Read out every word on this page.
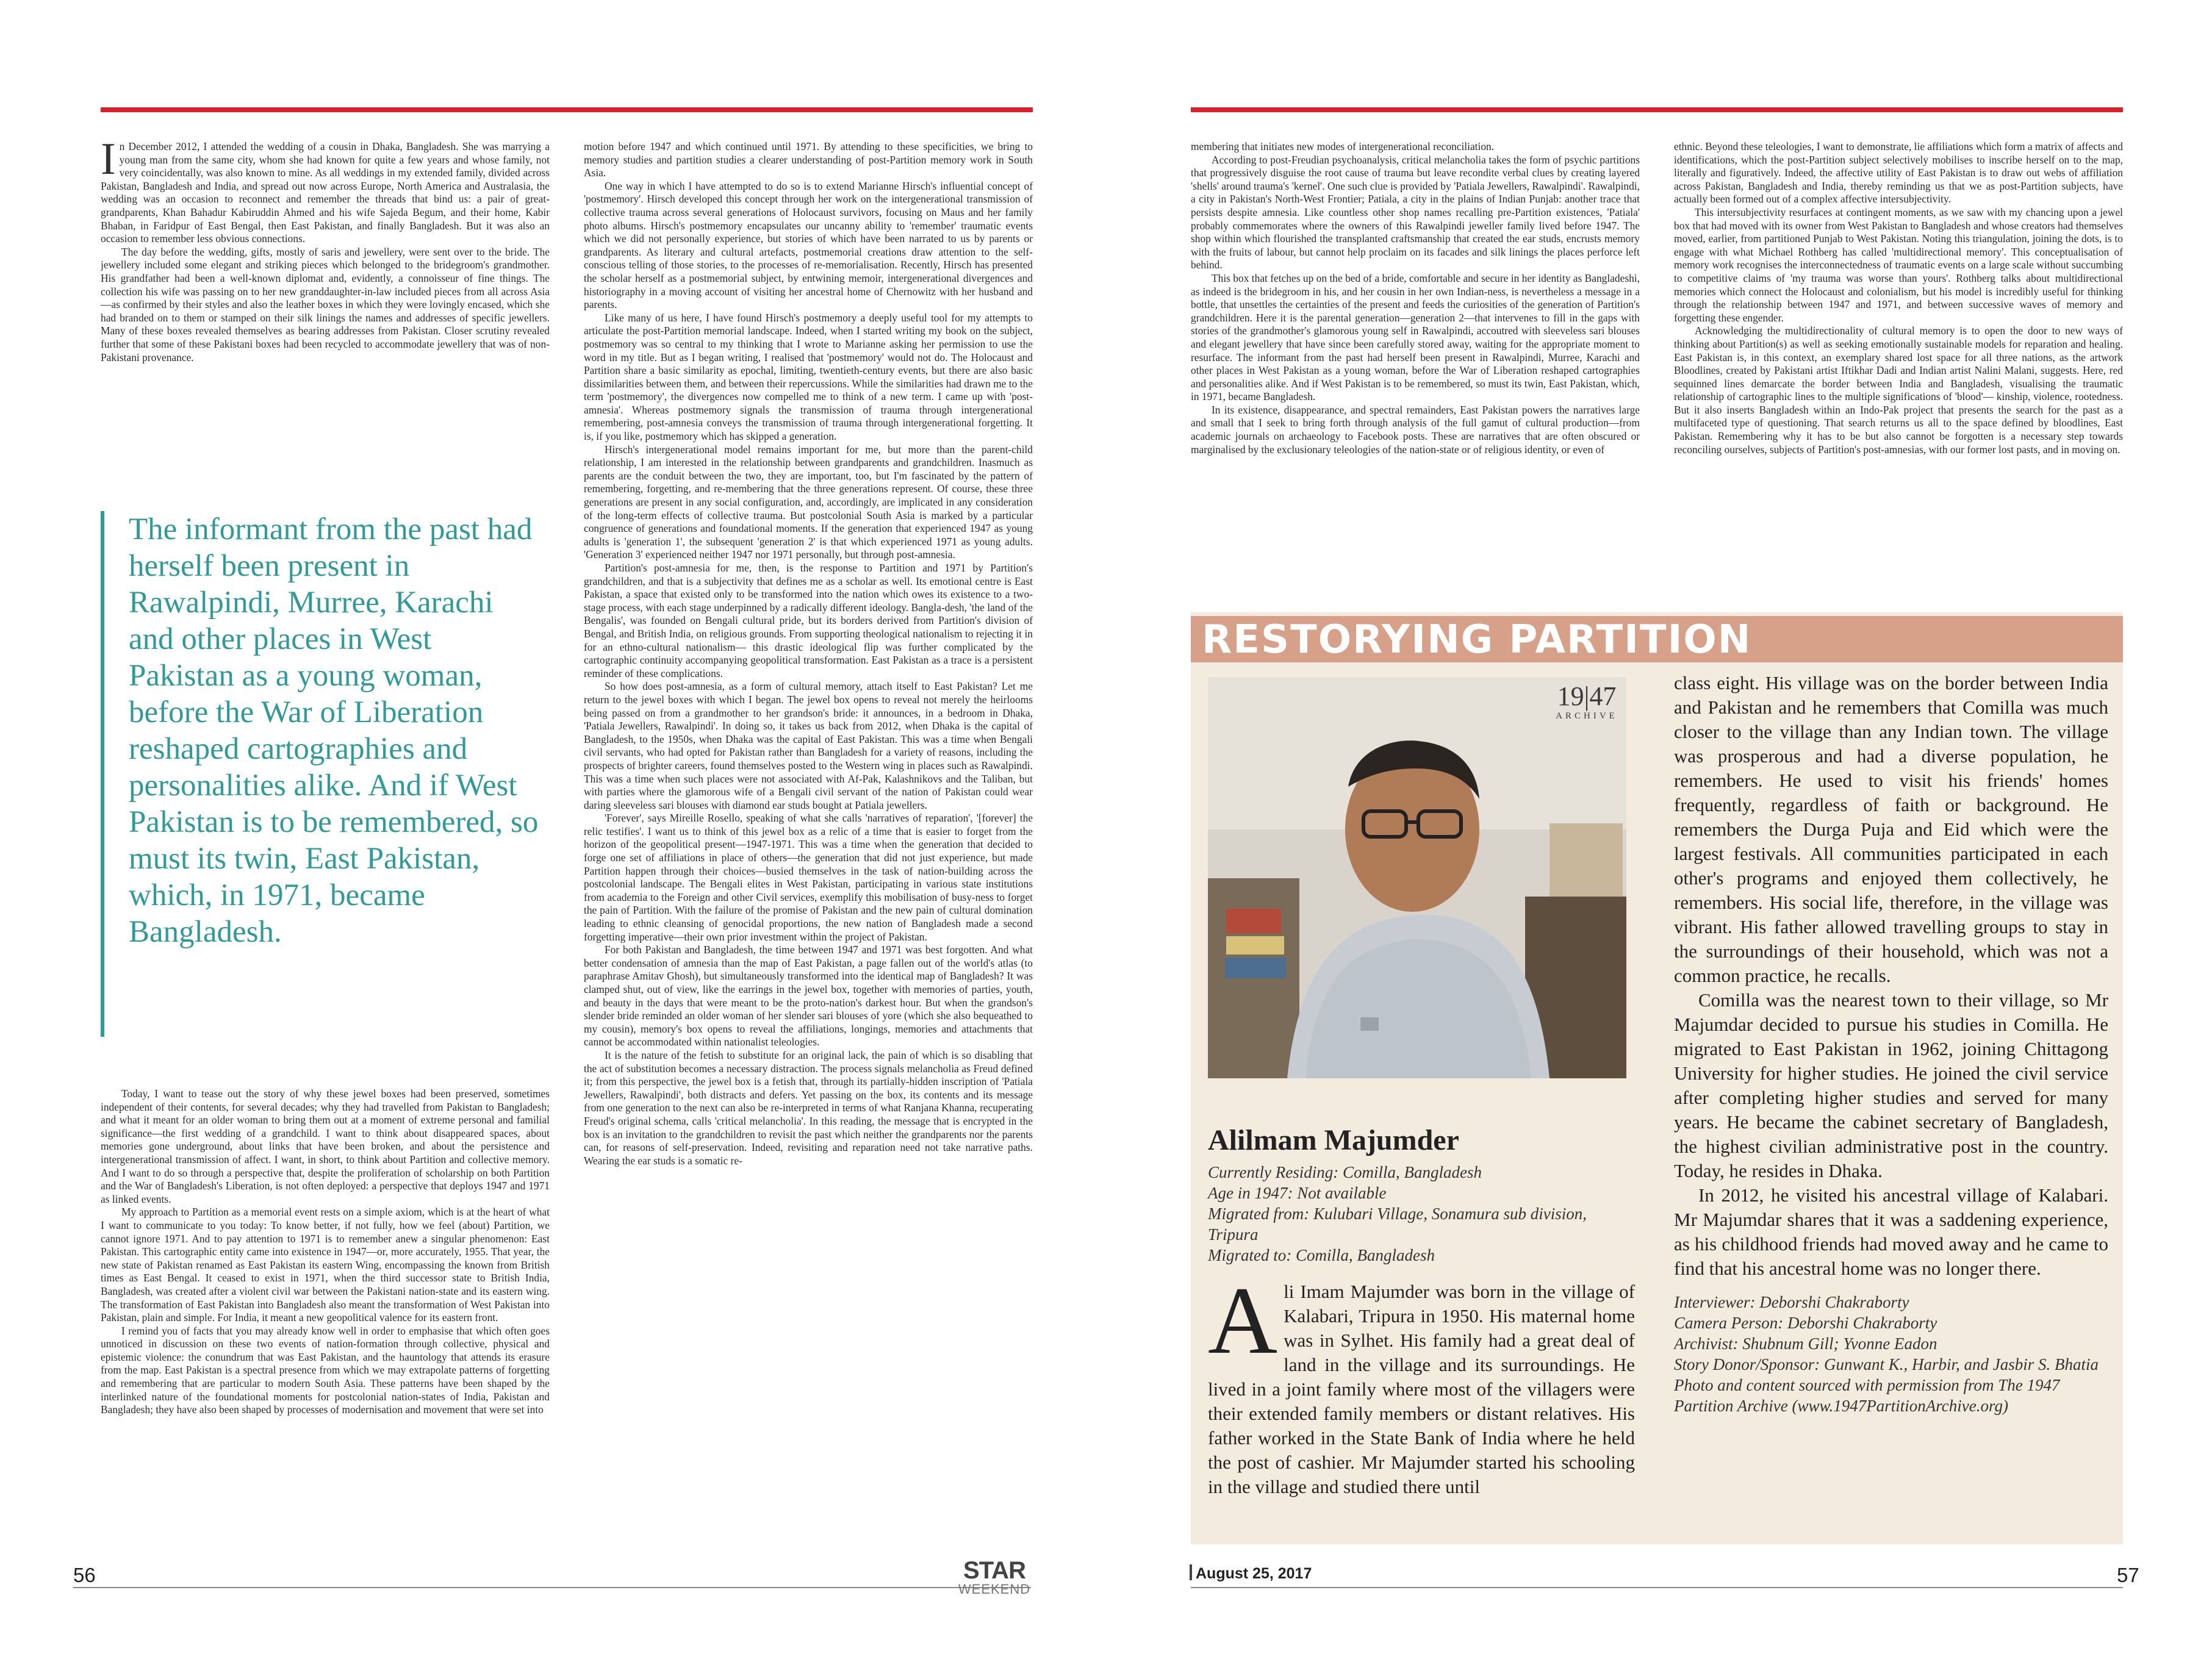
I n December 2012, I attended the wedding of a cousin in Dhaka, Bangladesh. She was marrying a young man from the same city, whom she had known for quite a few years and whose family, not very coincidentally, was also known to mine. As all weddings in my extended family, divided across Pakistan, Bangladesh and India, and spread out now across Europe, North America and Australasia, the wedding was an occasion to reconnect and remember the threads that bind us: a pair of great-grandparents, Khan Bahadur Kabiruddin Ahmed and his wife Sajeda Begum, and their home, Kabir Bhaban, in Faridpur of East Bengal, then East Pakistan, and finally Bangladesh. But it was also an occasion to remember less obvious connections.

The day before the wedding, gifts, mostly of saris and jewellery, were sent over to the bride. The jewellery included some elegant and striking pieces which belonged to the bridegroom's grandmother. His grandfather had been a well-known diplomat and, evidently, a connoisseur of fine things. The collection his wife was passing on to her new granddaughter-in-law included pieces from all across Asia—as confirmed by their styles and also the leather boxes in which they were lovingly encased, which she had branded on to them or stamped on their silk linings the names and addresses of specific jewellers. Many of these boxes revealed themselves as bearing addresses from Pakistan. Closer scrutiny revealed further that some of these Pakistani boxes had been recycled to accommodate jewellery that was of non-Pakistani provenance.

The informant from the past had herself been present in Rawalpindi, Murree, Karachi and other places in West Pakistan as a young woman, before the War of Liberation reshaped cartographies and personalities alike. And if West Pakistan is to be remembered, so must its twin, East Pakistan, which, in 1971, became Bangladesh.

Today, I want to tease out the story of why these jewel boxes had been preserved, sometimes independent of their contents, for several decades; why they had travelled from Pakistan to Bangladesh; and what it meant for an older woman to bring them out at a moment of extreme personal and familial significance—the first wedding of a grandchild. I want to think about disappeared spaces, about memories gone underground, about links that have been broken, and about the persistence and intergenerational transmission of affect. I want, in short, to think about Partition and collective memory. And I want to do so through a perspective that, despite the proliferation of scholarship on both Partition and the War of Bangladesh's Liberation, is not often deployed: a perspective that deploys 1947 and 1971 as linked events.

My approach to Partition as a memorial event rests on a simple axiom, which is at the heart of what I want to communicate to you today: To know better, if not fully, how we feel (about) Partition, we cannot ignore 1971. And to pay attention to 1971 is to remember anew a singular phenomenon: East Pakistan. This cartographic entity came into existence in 1947—or, more accurately, 1955. That year, the new state of Pakistan renamed as East Pakistan its eastern Wing, encompassing the known from British times as East Bengal. It ceased to exist in 1971, when the third successor state to British India, Bangladesh, was created after a violent civil war between the Pakistani nation-state and its eastern wing. The transformation of East Pakistan into Bangladesh also meant the transformation of West Pakistan into Pakistan, plain and simple. For India, it meant a new geopolitical valence for its eastern front.

I remind you of facts that you may already know well in order to emphasise that which often goes unnoticed in discussion on these two events of nation-formation through collective, physical and epistemic violence: the conundrum that was East Pakistan, and the hauntology that attends its erasure from the map. East Pakistan is a spectral presence from which we may extrapolate patterns of forgetting and remembering that are particular to modern South Asia. These patterns have been shaped by the interlinked nature of the foundational moments for postcolonial nation-states of India, Pakistan and Bangladesh; they have also been shaped by processes of modernisation and movement that were set into

motion before 1947 and which continued until 1971. By attending to these specificities, we bring to memory studies and partition studies a clearer understanding of post-Partition memory work in South Asia.

One way in which I have attempted to do so is to extend Marianne Hirsch's influential concept of 'postmemory'. Hirsch developed this concept through her work on the intergenerational transmission of collective trauma across several generations of Holocaust survivors, focusing on Maus and her family photo albums. Hirsch's postmemory encapsulates our uncanny ability to 'remember' traumatic events which we did not personally experience, but stories of which have been narrated to us by parents or grandparents. As literary and cultural artefacts, postmemorial creations draw attention to the self-conscious telling of those stories, to the processes of re-memorialisation. Recently, Hirsch has presented the scholar herself as a postmemorial subject, by entwining memoir, intergenerational divergences and historiography in a moving account of visiting her ancestral home of Chernowitz with her husband and parents.

Like many of us here, I have found Hirsch's postmemory a deeply useful tool for my attempts to articulate the post-Partition memorial landscape. Indeed, when I started writing my book on the subject, postmemory was so central to my thinking that I wrote to Marianne asking her permission to use the word in my title. But as I began writing, I realised that 'postmemory' would not do. The Holocaust and Partition share a basic similarity as epochal, limiting, twentieth-century events, but there are also basic dissimilarities between them, and between their repercussions. While the similarities had drawn me to the term 'postmemory', the divergences now compelled me to think of a new term. I came up with 'post-amnesia'. Whereas postmemory signals the transmission of trauma through intergenerational remembering, post-amnesia conveys the transmission of trauma through intergenerational forgetting. It is, if you like, postmemory which has skipped a generation.

Hirsch's intergenerational model remains important for me, but more than the parent-child relationship, I am interested in the relationship between grandparents and grandchildren. Inasmuch as parents are the conduit between the two, they are important, too, but I'm fascinated by the pattern of remembering, forgetting, and re-membering that the three generations represent. Of course, these three generations are present in any social configuration, and, accordingly, are implicated in any consideration of the long-term effects of collective trauma. But postcolonial South Asia is marked by a particular congruence of generations and foundational moments. If the generation that experienced 1947 as young adults is 'generation 1', the subsequent 'generation 2' is that which experienced 1971 as young adults. 'Generation 3' experienced neither 1947 nor 1971 personally, but through post-amnesia.

Partition's post-amnesia for me, then, is the response to Partition and 1971 by Partition's grandchildren, and that is a subjectivity that defines me as a scholar as well. Its emotional centre is East Pakistan, a space that existed only to be transformed into the nation which owes its existence to a two-stage process, with each stage underpinned by a radically different ideology. Bangla-desh, 'the land of the Bengalis', was founded on Bengali cultural pride, but its borders derived from Partition's division of Bengal, and British India, on religious grounds. From supporting theological nationalism to rejecting it in for an ethno-cultural nationalism— this drastic ideological flip was further complicated by the cartographic continuity accompanying geopolitical transformation. East Pakistan as a trace is a persistent reminder of these complications.

So how does post-amnesia, as a form of cultural memory, attach itself to East Pakistan? Let me return to the jewel boxes with which I began. The jewel box opens to reveal not merely the heirlooms being passed on from a grandmother to her grandson's bride: it announces, in a bedroom in Dhaka, 'Patiala Jewellers, Rawalpindi'. In doing so, it takes us back from 2012, when Dhaka is the capital of Bangladesh, to the 1950s, when Dhaka was the capital of East Pakistan. This was a time when Bengali civil servants, who had opted for Pakistan rather than Bangladesh for a variety of reasons, including the prospects of brighter careers, found themselves posted to the Western wing in places such as Rawalpindi. This was a time when such places were not associated with Af-Pak, Kalashnikovs and the Taliban, but with parties where the glamorous wife of a Bengali civil servant of the nation of Pakistan could wear daring sleeveless sari blouses with diamond ear studs bought at Patiala jewellers.

'Forever', says Mireille Rosello, speaking of what she calls 'narratives of reparation', '[forever] the relic testifies'. I want us to think of this jewel box as a relic of a time that is easier to forget from the horizon of the geopolitical present—1947-1971. This was a time when the generation that decided to forge one set of affiliations in place of others—the generation that did not just experience, but made Partition happen through their choices—busied themselves in the task of nation-building across the postcolonial landscape. The Bengali elites in West Pakistan, participating in various state institutions from academia to the Foreign and other Civil services, exemplify this mobilisation of busy-ness to forget the pain of Partition. With the failure of the promise of Pakistan and the new pain of cultural domination leading to ethnic cleansing of genocidal proportions, the new nation of Bangladesh made a second forgetting imperative—their own prior investment within the project of Pakistan.

For both Pakistan and Bangladesh, the time between 1947 and 1971 was best forgotten. And what better condensation of amnesia than the map of East Pakistan, a page fallen out of the world's atlas (to paraphrase Amitav Ghosh), but simultaneously transformed into the identical map of Bangladesh? It was clamped shut, out of view, like the earrings in the jewel box, together with memories of parties, youth, and beauty in the days that were meant to be the proto-nation's darkest hour. But when the grandson's slender bride reminded an older woman of her slender sari blouses of yore (which she also bequeathed to my cousin), memory's box opens to reveal the affiliations, longings, memories and attachments that cannot be accommodated within nationalist teleologies.

It is the nature of the fetish to substitute for an original lack, the pain of which is so disabling that the act of substitution becomes a necessary distraction. The process signals melancholia as Freud defined it; from this perspective, the jewel box is a fetish that, through its partially-hidden inscription of 'Patiala Jewellers, Rawalpindi', both distracts and defers. Yet passing on the box, its contents and its message from one generation to the next can also be re-interpreted in terms of what Ranjana Khanna, recuperating Freud's original schema, calls 'critical melancholia'. In this reading, the message that is encrypted in the box is an invitation to the grandchildren to revisit the past which neither the grandparents nor the parents can, for reasons of self-preservation. Indeed, revisiting and reparation need not take narrative paths. Wearing the ear studs is a somatic re-

membering that initiates new modes of intergenerational reconciliation.

According to post-Freudian psychoanalysis, critical melancholia takes the form of psychic partitions that progressively disguise the root cause of trauma but leave recondite verbal clues by creating layered 'shells' around trauma's 'kernel'. One such clue is provided by 'Patiala Jewellers, Rawalpindi'. Rawalpindi, a city in Pakistan's North-West Frontier; Patiala, a city in the plains of Indian Punjab: another trace that persists despite amnesia. Like countless other shop names recalling pre-Partition existences, 'Patiala' probably commemorates where the owners of this Rawalpindi jeweller family lived before 1947. The shop within which flourished the transplanted craftsmanship that created the ear studs, encrusts memory with the fruits of labour, but cannot help proclaim on its facades and silk linings the places perforce left behind.

This box that fetches up on the bed of a bride, comfortable and secure in her identity as Bangladeshi, as indeed is the bridegroom in his, and her cousin in her own Indian-ness, is nevertheless a message in a bottle, that unsettles the certainties of the present and feeds the curiosities of the generation of Partition's grandchildren. Here it is the parental generation—generation 2—that intervenes to fill in the gaps with stories of the grandmother's glamorous young self in Rawalpindi, accoutred with sleeveless sari blouses and elegant jewellery that have since been carefully stored away, waiting for the appropriate moment to resurface. The informant from the past had herself been present in Rawalpindi, Murree, Karachi and other places in West Pakistan as a young woman, before the War of Liberation reshaped cartographies and personalities alike. And if West Pakistan is to be remembered, so must its twin, East Pakistan, which, in 1971, became Bangladesh.

In its existence, disappearance, and spectral remainders, East Pakistan powers the narratives large and small that I seek to bring forth through analysis of the full gamut of cultural production—from academic journals on archaeology to Facebook posts. These are narratives that are often obscured or marginalised by the exclusionary teleologies of the nation-state or of religious identity, or even of

ethnic. Beyond these teleologies, I want to demonstrate, lie affiliations which form a matrix of affects and identifications, which the post-Partition subject selectively mobilises to inscribe herself on to the map, literally and figuratively. Indeed, the affective utility of East Pakistan is to draw out webs of affiliation across Pakistan, Bangladesh and India, thereby reminding us that we as post-Partition subjects, have actually been formed out of a complex affective intersubjectivity.

This intersubjectivity resurfaces at contingent moments, as we saw with my chancing upon a jewel box that had moved with its owner from West Pakistan to Bangladesh and whose creators had themselves moved, earlier, from partitioned Punjab to West Pakistan. Noting this triangulation, joining the dots, is to engage with what Michael Rothberg has called 'multidirectional memory'. This conceptualisation of memory work recognises the interconnectedness of traumatic events on a large scale without succumbing to competitive claims of 'my trauma was worse than yours'. Rothberg talks about multidirectional memories which connect the Holocaust and colonialism, but his model is incredibly useful for thinking through the relationship between 1947 and 1971, and between successive waves of memory and forgetting these engender.

Acknowledging the multidirectionality of cultural memory is to open the door to new ways of thinking about Partition(s) as well as seeking emotionally sustainable models for reparation and healing. East Pakistan is, in this context, an exemplary shared lost space for all three nations, as the artwork Bloodlines, created by Pakistani artist Iftikhar Dadi and Indian artist Nalini Malani, suggests. Here, red sequinned lines demarcate the border between India and Bangladesh, visualising the traumatic relationship of cartographic lines to the multiple significations of 'blood'— kinship, violence, rootedness. But it also inserts Bangladesh within an Indo-Pak project that presents the search for the past as a multifaceted type of questioning. That search returns us all to the space defined by bloodlines, East Pakistan. Remembering why it has to be but also cannot be forgotten is a necessary step towards reconciling ourselves, subjects of Partition's post-amnesias, with our former lost pasts, and in moving on.

RESTORYING PARTITION
19|47
ARCHIVE
Alilmam Majumder
Currently Residing: Comilla, Bangladesh
Age in 1947: Not available
Migrated from: Kulubari Village, Sonamura sub division, Tripura
Migrated to: Comilla, Bangladesh
A li Imam Majumder was born in the village of Kalabari, Tripura in 1950. His maternal home was in Sylhet. His family had a great deal of land in the village and its surroundings. He lived in a joint family where most of the villagers were their extended family members or distant relatives. His father worked in the State Bank of India where he held the post of cashier. Mr Majumder started his schooling in the village and studied there until

class eight. His village was on the border between India and Pakistan and he remembers that Comilla was much closer to the village than any Indian town. The village was prosperous and had a diverse population, he remembers. He used to visit his friends' homes frequently, regardless of faith or background. He remembers the Durga Puja and Eid which were the largest festivals. All communities participated in each other's programs and enjoyed them collectively, he remembers. His social life, therefore, in the village was vibrant. His father allowed travelling groups to stay in the surroundings of their household, which was not a common practice, he recalls.

Comilla was the nearest town to their village, so Mr Majumdar decided to pursue his studies in Comilla. He migrated to East Pakistan in 1962, joining Chittagong University for higher studies. He joined the civil service after completing higher studies and served for many years. He became the cabinet secretary of Bangladesh, the highest civilian administrative post in the country. Today, he resides in Dhaka.

In 2012, he visited his ancestral village of Kalabari. Mr Majumdar shares that it was a saddening experience, as his childhood friends had moved away and he came to find that his ancestral home was no longer there.

Interviewer: Deborshi Chakraborty
Camera Person: Deborshi Chakraborty
Archivist: Shubnum Gill; Yvonne Eadon
Story Donor/Sponsor: Gunwant K., Harbir, and Jasbir S. Bhatia
Photo and content sourced with permission from The 1947 Partition Archive (www.1947PartitionArchive.org)
56	STAR
WEEKEND
August 25, 2017	57
